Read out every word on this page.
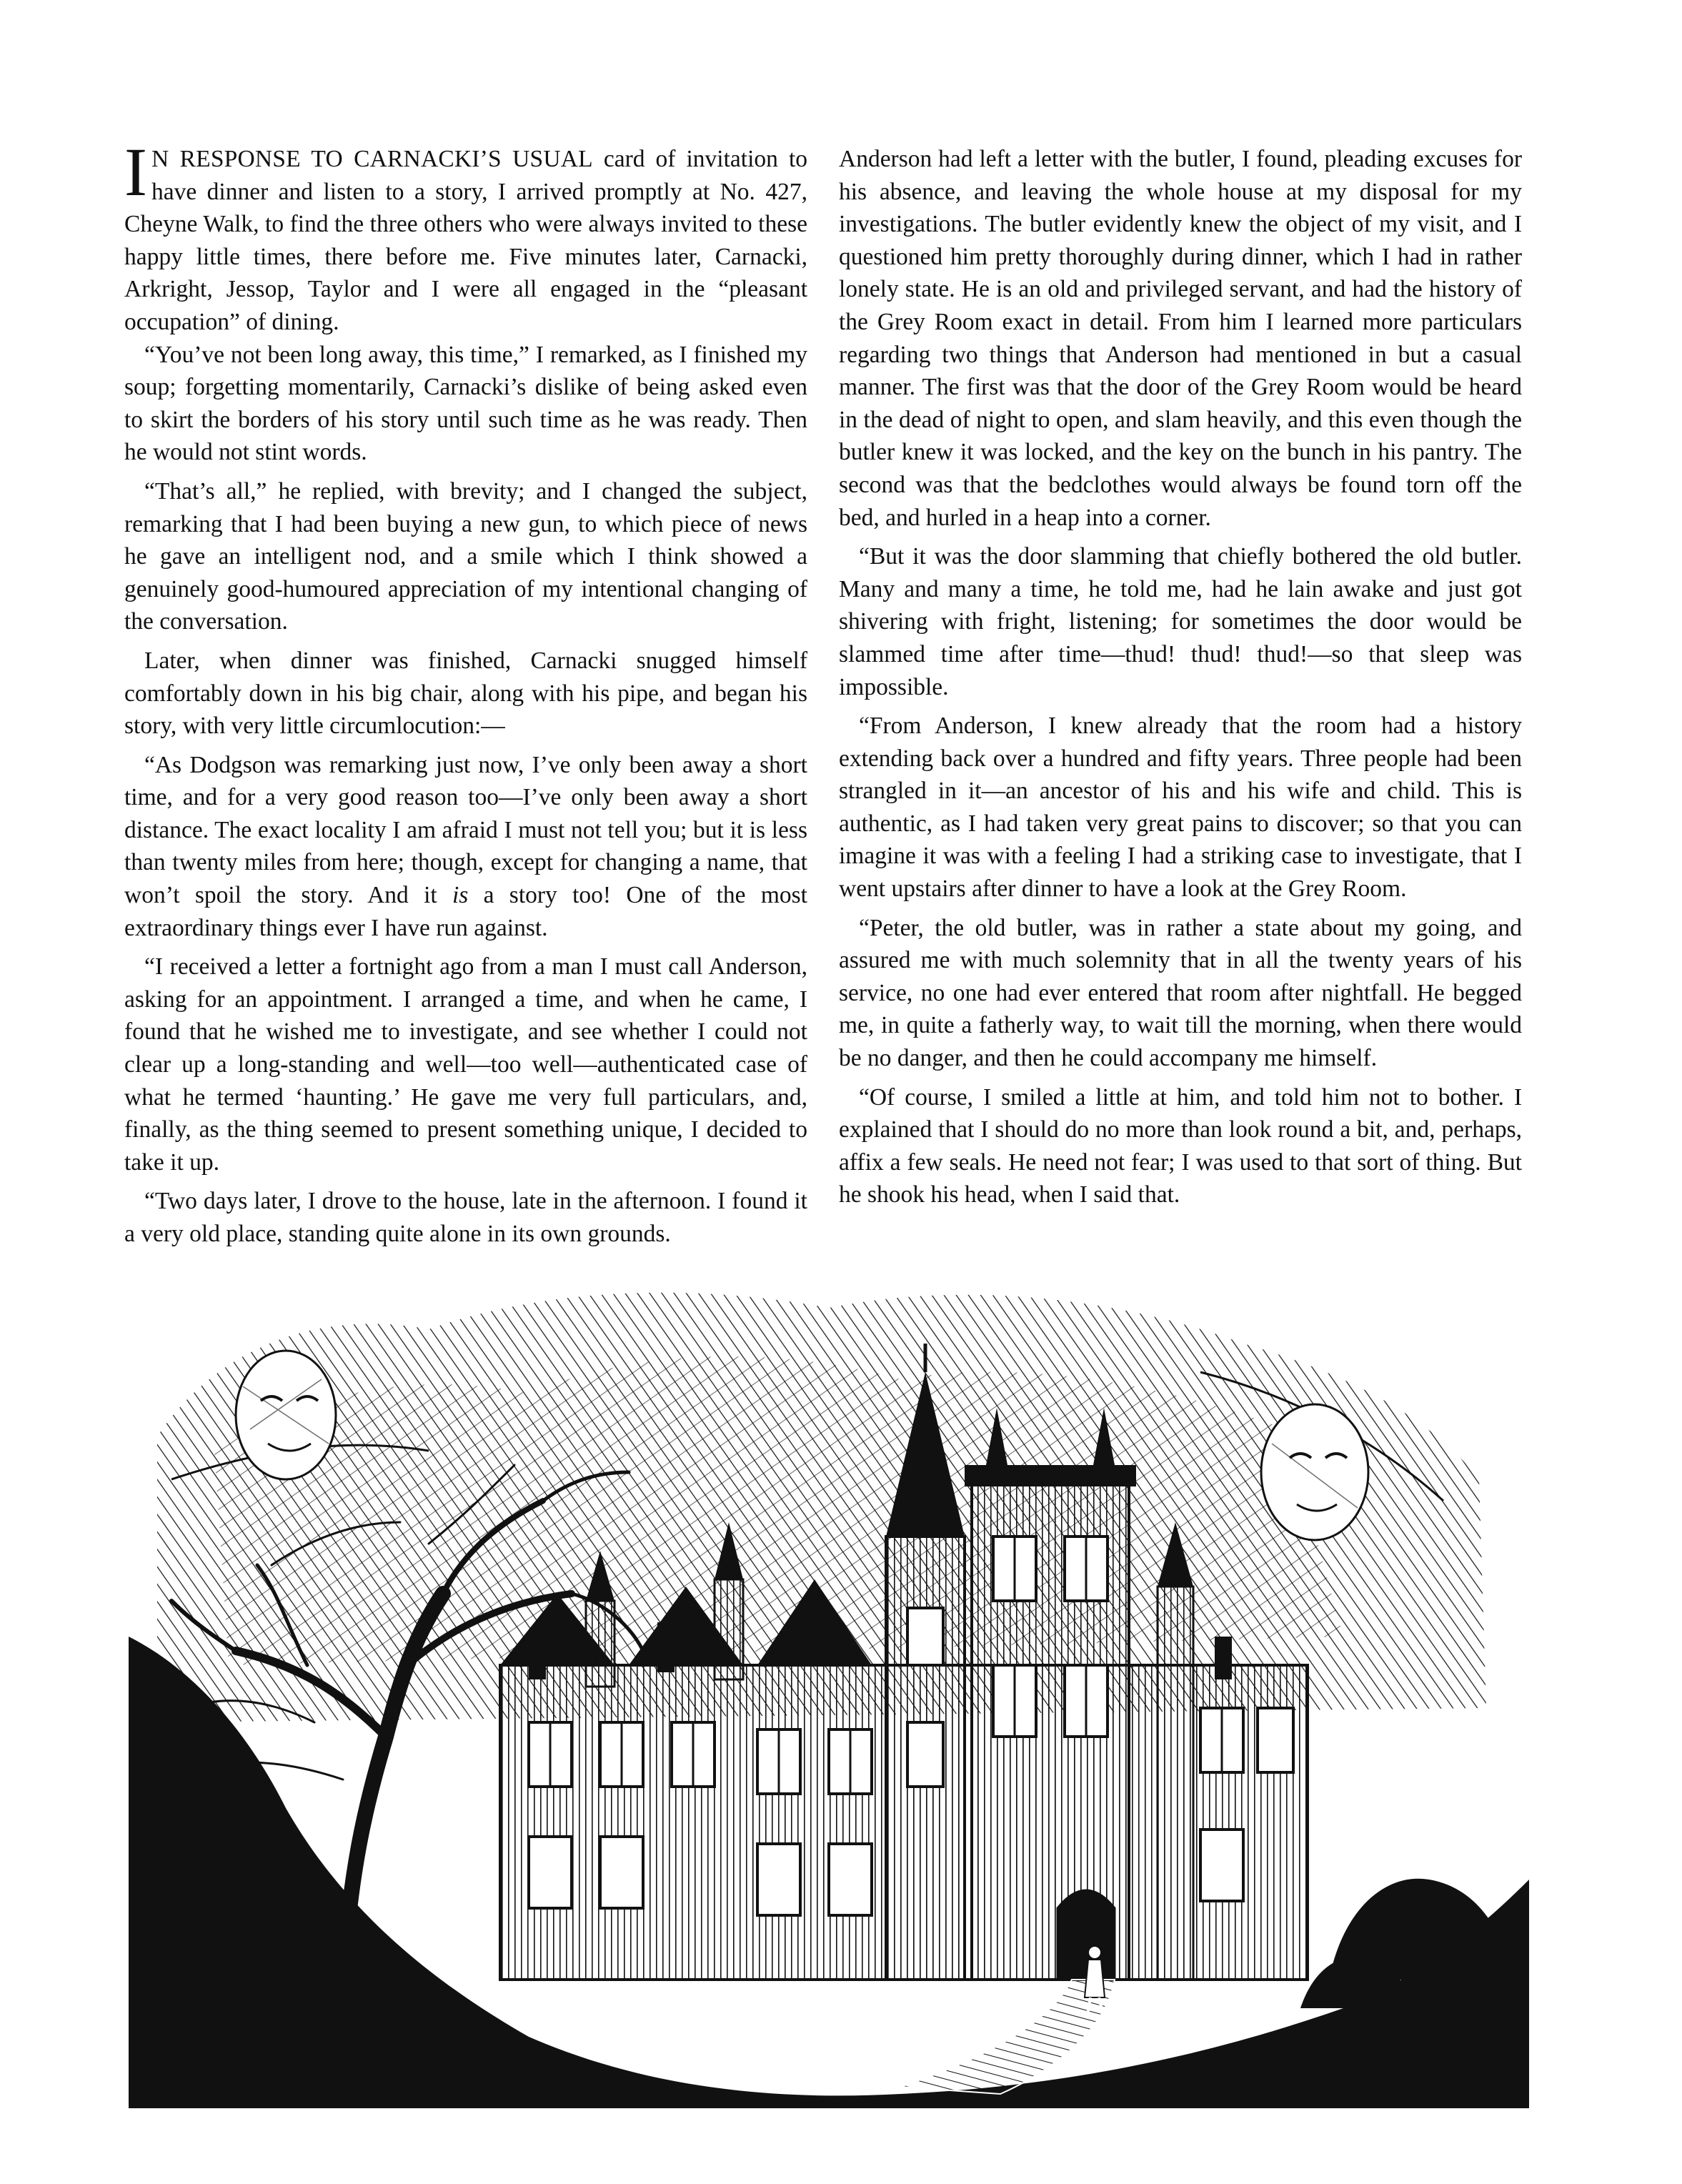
I N RESPONSE TO CARNACKI’S USUAL card of invitation to have dinner and listen to a story, I arrived promptly at No. 427, Cheyne Walk, to find the three others who were always invited to these happy little times, there before me. Five minutes later, Carnacki, Arkright, Jessop, Taylor and I were all engaged in the “pleasant occupation” of dining.

“You’ve not been long away, this time,” I remarked, as I finished my soup; forgetting momentarily, Carnacki’s dislike of being asked even to skirt the borders of his story until such time as he was ready. Then he would not stint words.

“That’s all,” he replied, with brevity; and I changed the subject, remarking that I had been buying a new gun, to which piece of news he gave an intelligent nod, and a smile which I think showed a genuinely good-humoured appreciation of my intentional changing of the conversation.

Later, when dinner was finished, Carnacki snugged himself comfortably down in his big chair, along with his pipe, and began his story, with very little circumlocution:—

“As Dodgson was remarking just now, I’ve only been away a short time, and for a very good reason too—I’ve only been away a short distance. The exact locality I am afraid I must not tell you; but it is less than twenty miles from here; though, except for changing a name, that won’t spoil the story. And it is a story too! One of the most extraordinary things ever I have run against.

“I received a letter a fortnight ago from a man I must call Anderson, asking for an appointment. I arranged a time, and when he came, I found that he wished me to investigate, and see whether I could not clear up a long-standing and well—too well—authenticated case of what he termed ‘haunting.’ He gave me very full particulars, and, finally, as the thing seemed to present something unique, I decided to take it up.

“Two days later, I drove to the house, late in the afternoon. I found it a very old place, standing quite alone in its own grounds.

Anderson had left a letter with the butler, I found, pleading excuses for his absence, and leaving the whole house at my disposal for my investigations. The butler evidently knew the object of my visit, and I questioned him pretty thoroughly during dinner, which I had in rather lonely state. He is an old and privileged servant, and had the history of the Grey Room exact in detail. From him I learned more particulars regarding two things that Anderson had mentioned in but a casual manner. The first was that the door of the Grey Room would be heard in the dead of night to open, and slam heavily, and this even though the butler knew it was locked, and the key on the bunch in his pantry. The second was that the bedclothes would always be found torn off the bed, and hurled in a heap into a corner.

“But it was the door slamming that chiefly bothered the old butler. Many and many a time, he told me, had he lain awake and just got shivering with fright, listening; for sometimes the door would be slammed time after time—thud! thud! thud!—so that sleep was impossible.

“From Anderson, I knew already that the room had a history extending back over a hundred and fifty years. Three people had been strangled in it—an ancestor of his and his wife and child. This is authentic, as I had taken very great pains to discover; so that you can imagine it was with a feeling I had a striking case to investigate, that I went upstairs after dinner to have a look at the Grey Room.

“Peter, the old butler, was in rather a state about my going, and assured me with much solemnity that in all the twenty years of his service, no one had ever entered that room after nightfall. He begged me, in quite a fatherly way, to wait till the morning, when there would be no danger, and then he could accompany me himself.

“Of course, I smiled a little at him, and told him not to bother. I explained that I should do no more than look round a bit, and, perhaps, affix a few seals. He need not fear; I was used to that sort of thing. But he shook his head, when I said that.
